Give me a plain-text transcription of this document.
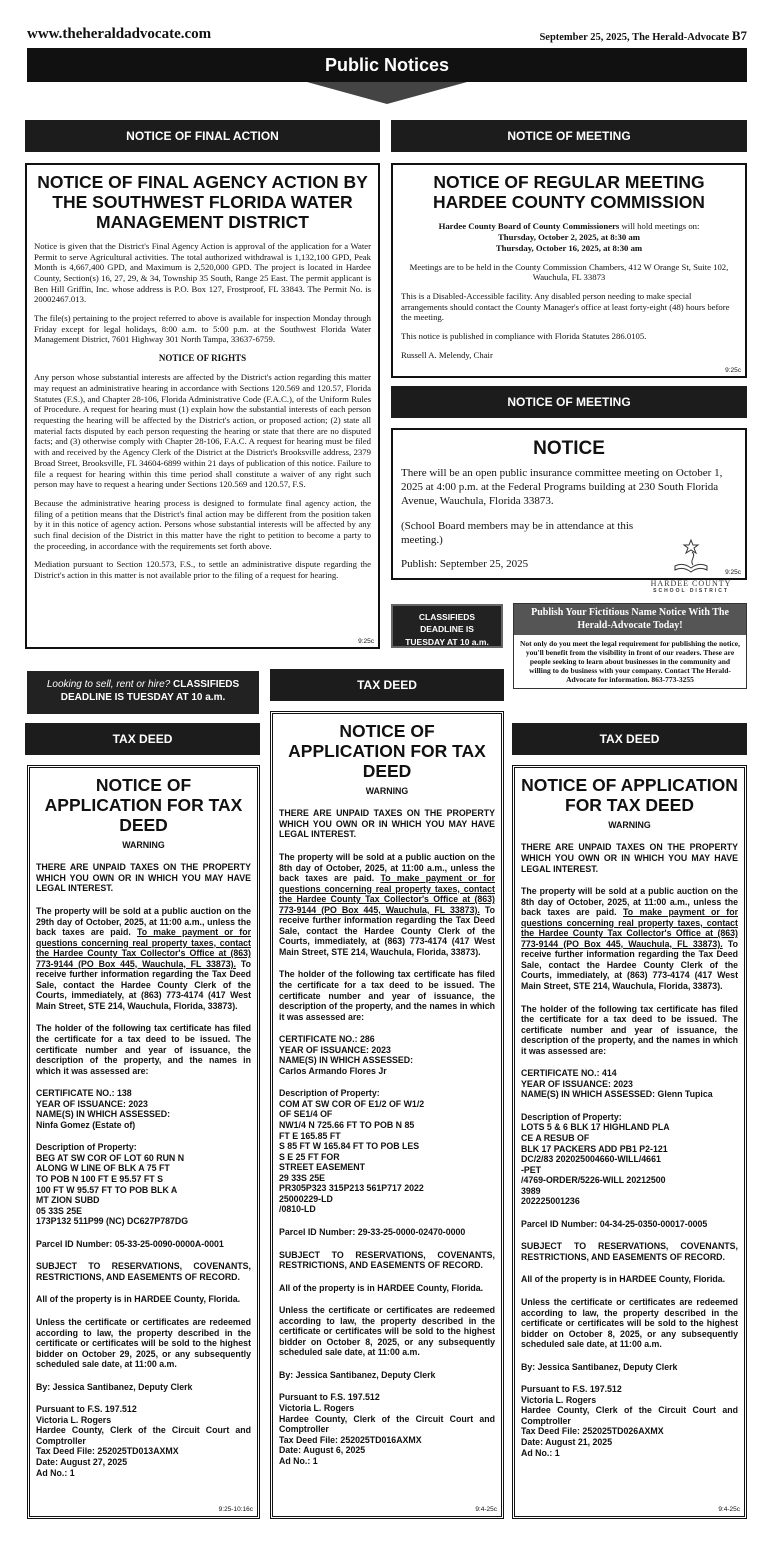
www.theheraldadvocate.com	September 25, 2025, The Herald-Advocate B7
Public Notices
NOTICE OF FINAL ACTION	NOTICE OF MEETING
NOTICE OF MEETING
NOTICE OF FINAL AGENCY ACTION BY THE SOUTHWEST FLORIDA WATER MANAGEMENT DISTRICT
Notice is given that the District's Final Agency Action is approval of the application for a Water Permit to serve Agricultural activities. The total authorized withdrawal is 1,132,100 GPD, Peak Month is 4,667,400 GPD, and Maximum is 2,520,000 GPD. The project is located in Hardee County, Section(s) 16, 27, 29, & 34, Township 35 South, Range 25 East. The permit applicant is Ben Hill Griffin, Inc. whose address is P.O. Box 127, Frostproof, FL 33843. The Permit No. is 20002467.013.
The file(s) pertaining to the project referred to above is available for inspection Monday through Friday except for legal holidays, 8:00 a.m. to 5:00 p.m. at the Southwest Florida Water Management District, 7601 Highway 301 North Tampa, 33637-6759.
NOTICE OF RIGHTS
Any person whose substantial interests are affected by the District's action regarding this matter may request an administrative hearing in accordance with Sections 120.569 and 120.57, Florida Statutes (F.S.), and Chapter 28-106, Florida Administrative Code (F.A.C.), of the Uniform Rules of Procedure. A request for hearing must (1) explain how the substantial interests of each person requesting the hearing will be affected by the District's action, or proposed action; (2) state all material facts disputed by each person requesting the hearing or state that there are no disputed facts; and (3) otherwise comply with Chapter 28-106, F.A.C. A request for hearing must be filed with and received by the Agency Clerk of the District at the District's Brooksville address, 2379 Broad Street, Brooksville, FL 34604-6899 within 21 days of publication of this notice. Failure to file a request for hearing within this time period shall constitute a waiver of any right such person may have to request a hearing under Sections 120.569 and 120.57, F.S.
Because the administrative hearing process is designed to formulate final agency action, the filing of a petition means that the District's final action may be different from the position taken by it in this notice of agency action. Persons whose substantial interests will be affected by any such final decision of the District in this matter have the right to petition to become a party to the proceeding, in accordance with the requirements set forth above.
Mediation pursuant to Section 120.573, F.S., to settle an administrative dispute regarding the District's action in this matter is not available prior to the filing of a request for hearing.
9:25c
NOTICE OF REGULAR MEETING HARDEE COUNTY COMMISSION
Hardee County Board of County Commissioners will hold meetings on:
Thursday, October 2, 2025, at 8:30 am
Thursday, October 16, 2025, at 8:30 am
Meetings are to be held in the County Commission Chambers, 412 W Orange St, Suite 102, Wauchula, FL 33873
This is a Disabled-Accessible facility. Any disabled person needing to make special arrangements should contact the County Manager's office at least forty-eight (48) hours before the meeting.
This notice is published in compliance with Florida Statutes 286.0105.
Russell A. Melendy, Chair
9:25c
NOTICE
There will be an open public insurance committee meeting on October 1, 2025 at 4:00 p.m. at the Federal Programs building at 230 South Florida Avenue, Wauchula, Florida 33873.
(School Board members may be in attendance at this meeting.)
Publish: September 25, 2025
HARDEE COUNTY
SCHOOL DISTRICT
9:25c
CLASSIFIEDS DEADLINE IS TUESDAY AT 10 a.m.
Publish Your Fictitious Name Notice With The Herald-Advocate Today!
Not only do you meet the legal requirement for publishing the notice, you'll benefit from the visibility in front of our readers. These are people seeking to learn about businesses in the community and willing to do business with your company. Contact The Herald-Advocate for information. 863-773-3255
Looking to sell, rent or hire? CLASSIFIEDS DEADLINE IS TUESDAY AT 10 a.m.
TAX DEED
TAX DEED
TAX DEED
NOTICE OF APPLICATION FOR TAX DEED
WARNING
THERE ARE UNPAID TAXES ON THE PROPERTY WHICH YOU OWN OR IN WHICH YOU MAY HAVE LEGAL INTEREST.
The property will be sold at a public auction on the 29th day of October, 2025, at 11:00 a.m., unless the back taxes are paid. To make payment or for questions concerning real property taxes, contact the Hardee County Tax Collector's Office at (863) 773-9144 (PO Box 445, Wauchula, FL 33873). To receive further information regarding the Tax Deed Sale, contact the Hardee County Clerk of the Courts, immediately, at (863) 773-4174 (417 West Main Street, STE 214, Wauchula, Florida, 33873).
The holder of the following tax certificate has filed the certificate for a tax deed to be issued. The certificate number and year of issuance, the description of the property, and the names in which it was assessed are:
CERTIFICATE NO.: 138
YEAR OF ISSUANCE: 2023
NAME(S) IN WHICH ASSESSED:
Ninfa Gomez (Estate of)
Description of Property:
BEG AT SW COR OF LOT 60 RUN N
ALONG W LINE OF BLK A 75 FT
TO POB N 100 FT E 95.57 FT S
100 FT W 95.57 FT TO POB BLK A
MT ZION SUBD
05 33S 25E
173P132 511P99 (NC) DC627P787DG
Parcel ID Number: 05-33-25-0090-0000A-0001
SUBJECT TO RESERVATIONS, COVENANTS, RESTRICTIONS, AND EASEMENTS OF RECORD.
All of the property is in HARDEE County, Florida.
Unless the certificate or certificates are redeemed according to law, the property described in the certificate or certificates will be sold to the highest bidder on October 29, 2025, or any subsequently scheduled sale date, at 11:00 a.m.
By: Jessica Santibanez, Deputy Clerk
Pursuant to F.S. 197.512
Victoria L. Rogers
Hardee County, Clerk of the Circuit Court and Comptroller
Tax Deed File: 252025TD013AXMX
Date: August 27, 2025
Ad No.: 1
9:25-10:16c
NOTICE OF APPLICATION FOR TAX DEED
WARNING
THERE ARE UNPAID TAXES ON THE PROPERTY WHICH YOU OWN OR IN WHICH YOU MAY HAVE LEGAL INTEREST.
The property will be sold at a public auction on the 8th day of October, 2025, at 11:00 a.m., unless the back taxes are paid. To make payment or for questions concerning real property taxes, contact the Hardee County Tax Collector's Office at (863) 773-9144 (PO Box 445, Wauchula, FL 33873). To receive further information regarding the Tax Deed Sale, contact the Hardee County Clerk of the Courts, immediately, at (863) 773-4174 (417 West Main Street, STE 214, Wauchula, Florida, 33873).
The holder of the following tax certificate has filed the certificate for a tax deed to be issued. The certificate number and year of issuance, the description of the property, and the names in which it was assessed are:
CERTIFICATE NO.: 286
YEAR OF ISSUANCE: 2023
NAME(S) IN WHICH ASSESSED:
Carlos Armando Flores Jr
Description of Property:
COM AT SW COR OF E1/2 OF W1/2
OF SE1/4 OF
NW1/4 N 725.66 FT TO POB N 85
FT E 165.85 FT
S 85 FT W 165.84 FT TO POB LES
S E 25 FT FOR
STREET EASEMENT
29 33S 25E
PR305P323 315P213 561P717 2022
25000229-LD
/0810-LD
Parcel ID Number: 29-33-25-0000-02470-0000
SUBJECT TO RESERVATIONS, COVENANTS, RESTRICTIONS, AND EASEMENTS OF RECORD.
All of the property is in HARDEE County, Florida.
Unless the certificate or certificates are redeemed according to law, the property described in the certificate or certificates will be sold to the highest bidder on October 8, 2025, or any subsequently scheduled sale date, at 11:00 a.m.
By: Jessica Santibanez, Deputy Clerk
Pursuant to F.S. 197.512
Victoria L. Rogers
Hardee County, Clerk of the Circuit Court and Comptroller
Tax Deed File: 252025TD016AXMX
Date: August 6, 2025
Ad No.: 1
9:4-25c
NOTICE OF APPLICATION FOR TAX DEED
WARNING
THERE ARE UNPAID TAXES ON THE PROPERTY WHICH YOU OWN OR IN WHICH YOU MAY HAVE LEGAL INTEREST.
The property will be sold at a public auction on the 8th day of October, 2025, at 11:00 a.m., unless the back taxes are paid. To make payment or for questions concerning real property taxes, contact the Hardee County Tax Collector's Office at (863) 773-9144 (PO Box 445, Wauchula, FL 33873). To receive further information regarding the Tax Deed Sale, contact the Hardee County Clerk of the Courts, immediately, at (863) 773-4174 (417 West Main Street, STE 214, Wauchula, Florida, 33873).
The holder of the following tax certificate has filed the certificate for a tax deed to be issued. The certificate number and year of issuance, the description of the property, and the names in which it was assessed are:
CERTIFICATE NO.: 414
YEAR OF ISSUANCE: 2023
NAME(S) IN WHICH ASSESSED: Glenn Tupica
Description of Property:
LOTS 5 & 6 BLK 17 HIGHLAND PLA
CE A RESUB OF
BLK 17 PACKERS ADD PB1 P2-121
DC/2/83 202025004660-WILL/4661
-PET
/4769-ORDER/5226-WILL 20212500
3989
202225001236
Parcel ID Number: 04-34-25-0350-00017-0005
SUBJECT TO RESERVATIONS, COVENANTS, RESTRICTIONS, AND EASEMENTS OF RECORD.
All of the property is in HARDEE County, Florida.
Unless the certificate or certificates are redeemed according to law, the property described in the certificate or certificates will be sold to the highest bidder on October 8, 2025, or any subsequently scheduled sale date, at 11:00 a.m.
By: Jessica Santibanez, Deputy Clerk
Pursuant to F.S. 197.512
Victoria L. Rogers
Hardee County, Clerk of the Circuit Court and Comptroller
Tax Deed File: 252025TD026AXMX
Date: August 21, 2025
Ad No.: 1
9:4-25c
